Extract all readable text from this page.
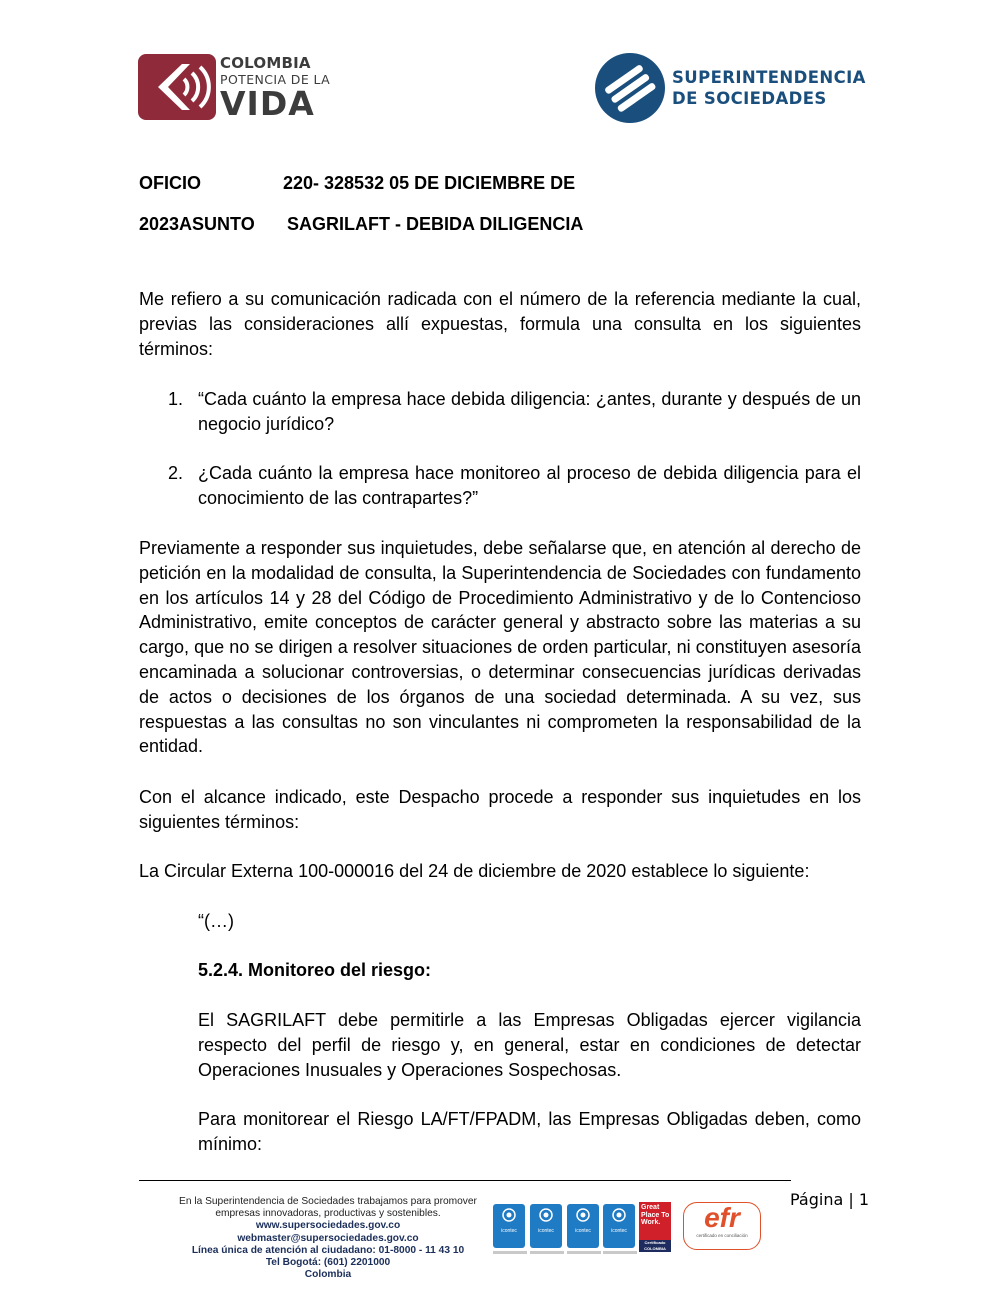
COLOMBIA
POTENCIA DE LA
VIDA
SUPERINTENDENCIA
DE SOCIEDADES
OFICIO	220- 328532 05 DE DICIEMBRE DE
2023ASUNTO SAGRILAFT - DEBIDA DILIGENCIA
Me refiero a su comunicación radicada con el número de la referencia mediante la cual, previas las consideraciones allí expuestas, formula una consulta en los siguientes términos:
1. “Cada cuánto la empresa hace debida diligencia: ¿antes, durante y después de un negocio jurídico?
2. ¿Cada cuánto la empresa hace monitoreo al proceso de debida diligencia para el conocimiento de las contrapartes?”
Previamente a responder sus inquietudes, debe señalarse que, en atención al derecho de petición en la modalidad de consulta, la Superintendencia de Sociedades con fundamento en los artículos 14 y 28 del Código de Procedimiento Administrativo y de lo Contencioso Administrativo, emite conceptos de carácter general y abstracto sobre las materias a su cargo, que no se dirigen a resolver situaciones de orden particular, ni constituyen asesoría encaminada a solucionar controversias, o determinar consecuencias jurídicas derivadas de actos o decisiones de los órganos de una sociedad determinada. A su vez, sus respuestas a las consultas no son vinculantes ni comprometen la responsabilidad de la entidad.
Con el alcance indicado, este Despacho procede a responder sus inquietudes en los siguientes términos:
La Circular Externa 100-000016 del 24 de diciembre de 2020 establece lo siguiente:
“(…)
5.2.4. Monitoreo del riesgo:
El SAGRILAFT debe permitirle a las Empresas Obligadas ejercer vigilancia respecto del perfil de riesgo y, en general, estar en condiciones de detectar Operaciones Inusuales y Operaciones Sospechosas.
Para monitorear el Riesgo LA/FT/FPADM, las Empresas Obligadas deben, como mínimo:
Página | 1
En la Superintendencia de Sociedades trabajamos para promover
empresas innovadoras, productivas y sostenibles.
www.supersociedades.gov.co
webmaster@supersociedades.gov.co
Línea única de atención al ciudadano: 01-8000 - 11 43 10
Tel Bogotá: (601) 2201000
Colombia
icontec	icontec	icontec	icontec
Great Place To Work.
Certificado COLOMBIA
efr
certificado en conciliación
